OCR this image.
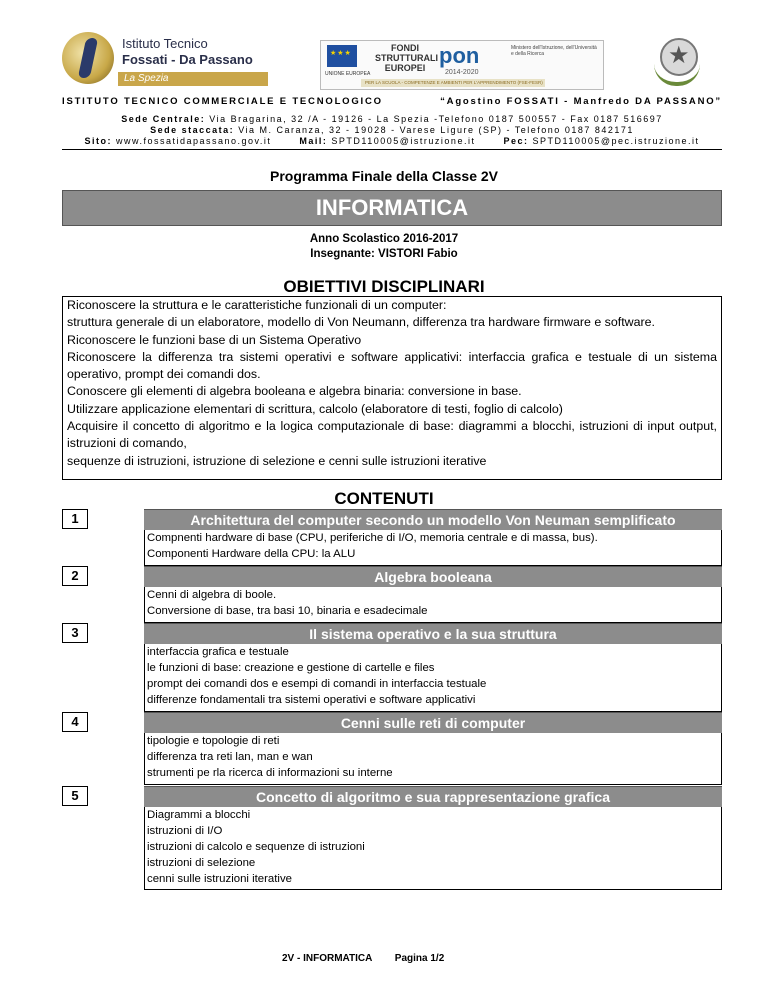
Istituto Tecnico
Fossati - Da Passano
La Spezia
★★★	UNIONE EUROPEA
FONDI STRUTTURALI EUROPEI pon
2014-2020
Ministero dell'Istruzione, dell'Università e della Ricerca
PER LA SCUOLA - COMPETENZE E AMBIENTI PER L'APPRENDIMENTO (FSE-FESR)
★
ISTITUTO TECNICO COMMERCIALE E TECNOLOGICO	“Agostino FOSSATI - Manfredo DA PASSANO”
Sede Centrale: Via Bragarina, 32 /A - 19126 - La Spezia -Telefono 0187 500557 - Fax 0187 516697
Sede staccata: Via M. Caranza, 32 - 19028 - Varese Ligure (SP) - Telefono 0187 842171
Sito: www.fossatidapassano.gov.it	Mail: SPTD110005@istruzione.it	Pec: SPTD110005@pec.istruzione.it
Programma Finale della Classe 2V
INFORMATICA
Anno Scolastico 2016-2017
Insegnante: VISTORI Fabio
OBIETTIVI DISCIPLINARI
Riconoscere la struttura e le caratteristiche funzionali di un computer:
struttura generale di un elaboratore, modello di Von Neumann, differenza tra hardware firmware e software.
Riconoscere le funzioni base di un Sistema Operativo
Riconoscere la differenza tra sistemi operativi e software applicativi: interfaccia grafica e testuale di un sistema operativo, prompt dei comandi dos.
Conoscere gli elementi di algebra booleana e algebra binaria: conversione in base.
Utilizzare applicazione elementari di scrittura, calcolo (elaboratore di testi, foglio di calcolo)
Acquisire il concetto di algoritmo e la logica computazionale di base: diagrammi a blocchi, istruzioni di input output, istruzioni di comando,
sequenze di istruzioni, istruzione di selezione e cenni sulle istruzioni iterative
CONTENUTI
1	Architettura del computer secondo un modello Von Neuman semplificato
Compnenti hardware di base (CPU, periferiche di I/O, memoria centrale e di massa, bus).
Componenti Hardware della CPU: la ALU
2	Algebra booleana
Cenni di algebra di boole.
Conversione di base, tra basi 10, binaria e esadecimale
3	Il sistema operativo e la sua struttura
interfaccia grafica e testuale
le funzioni di base: creazione e gestione di cartelle e files
prompt dei comandi dos e esempi di comandi in interfaccia testuale
differenze fondamentali tra sistemi operativi e software applicativi
4	Cenni sulle reti di computer
tipologie e topologie di reti
differenza tra reti lan, man e wan
strumenti pe rla ricerca di informazioni su interne
5	Concetto di algoritmo e sua rappresentazione grafica
Diagrammi a blocchi
istruzioni di I/O
istruzioni di calcolo e sequenze di istruzioni
istruzioni di selezione
cenni sulle istruzioni iterative
2V - INFORMATICA Pagina 1/2
